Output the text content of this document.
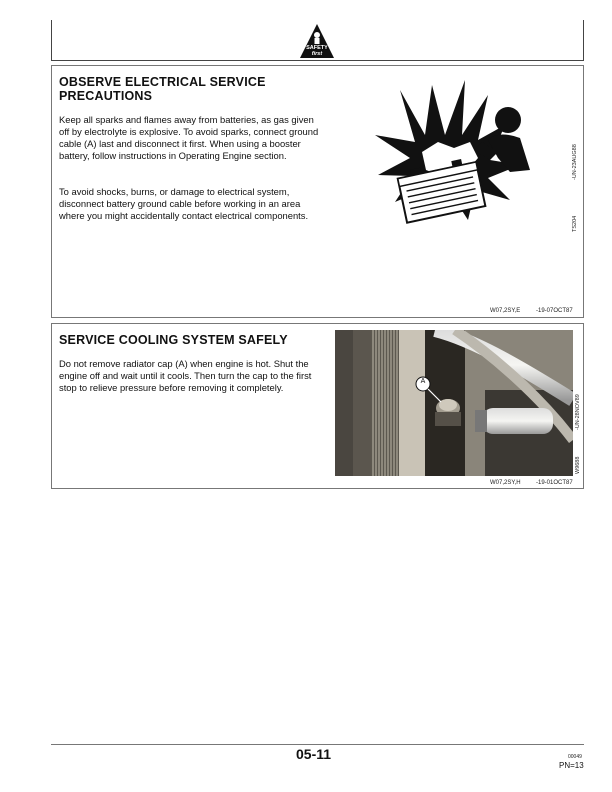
SAFETY
first
OBSERVE ELECTRICAL SERVICE
PRECAUTIONS

Keep all sparks and flames away from batteries, as gas given off by electrolyte is explosive. To avoid sparks, connect ground cable (A) last and disconnect it first. When using a booster battery, follow instructions in Operating Engine section.

To avoid shocks, burns, or damage to electrical system, disconnect battery ground cable before working in an area where you might accidentally contact electrical components.

-UN-23AUG88
TS204
W07,2SY,E	-19-07OCT87
SERVICE COOLING SYSTEM SAFELY

Do not remove radiator cap (A) when engine is hot. Shut the engine off and wait until it cools. Then turn the cap to the first stop to relieve pressure before removing it completely.

A
-UN-28NOV89
W9688
W07,2SY,H	-19-01OCT87
05-11	00049
PN=13
